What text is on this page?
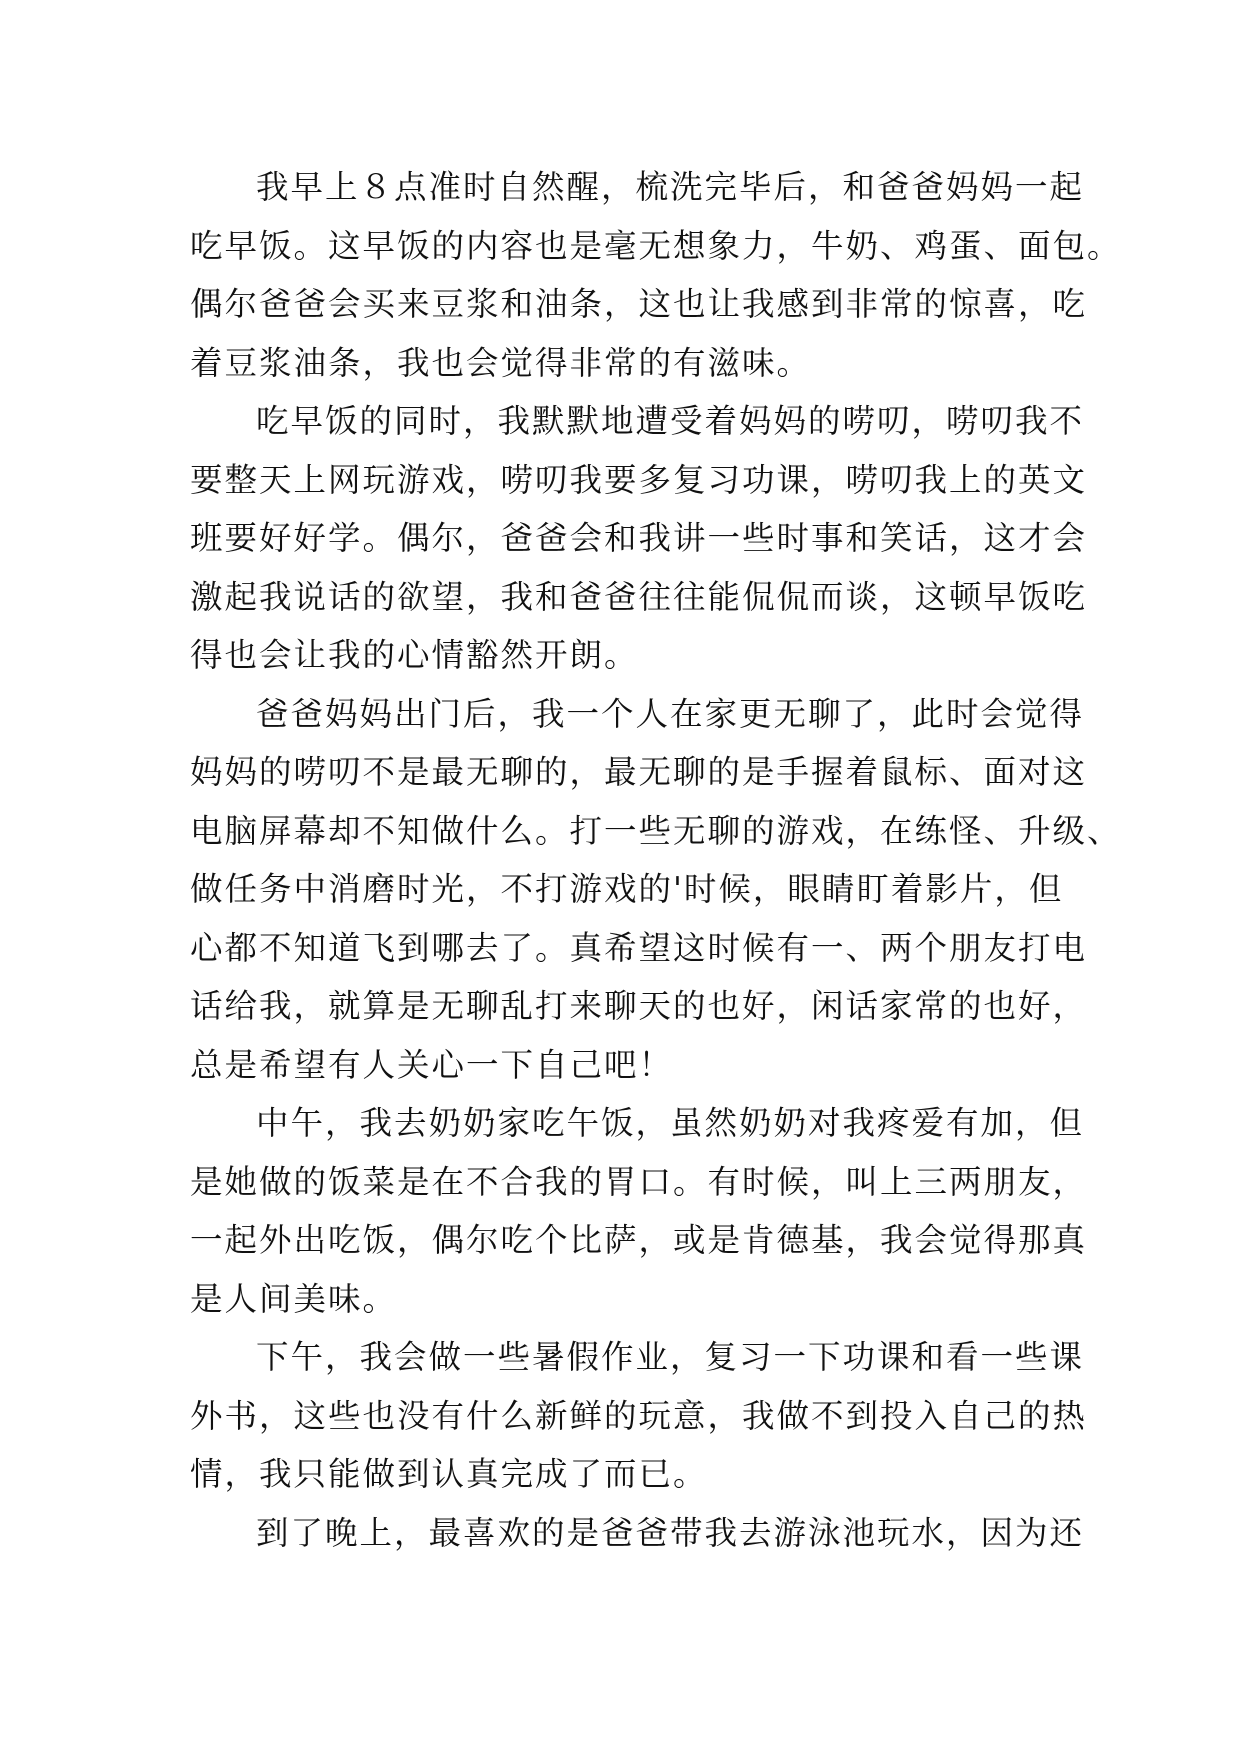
我早上８点准时自然醒，梳洗完毕后，和爸爸妈妈一起
吃早饭。这早饭的内容也是毫无想象力，牛奶、鸡蛋、面包。
偶尔爸爸会买来豆浆和油条，这也让我感到非常的惊喜，吃
着豆浆油条，我也会觉得非常的有滋味。
吃早饭的同时，我默默地遭受着妈妈的唠叨，唠叨我不
要整天上网玩游戏，唠叨我要多复习功课，唠叨我上的英文
班要好好学。偶尔，爸爸会和我讲一些时事和笑话，这才会
激起我说话的欲望，我和爸爸往往能侃侃而谈，这顿早饭吃
得也会让我的心情豁然开朗。
爸爸妈妈出门后，我一个人在家更无聊了，此时会觉得
妈妈的唠叨不是最无聊的，最无聊的是手握着鼠标、面对这
电脑屏幕却不知做什么。打一些无聊的游戏，在练怪、升级、
做任务中消磨时光，不打游戏的'时候，眼睛盯着影片，但
心都不知道飞到哪去了。真希望这时候有一、两个朋友打电
话给我，就算是无聊乱打来聊天的也好，闲话家常的也好，
总是希望有人关心一下自己吧！
中午，我去奶奶家吃午饭，虽然奶奶对我疼爱有加，但
是她做的饭菜是在不合我的胃口。有时候，叫上三两朋友，
一起外出吃饭，偶尔吃个比萨，或是肯德基，我会觉得那真
是人间美味。
下午，我会做一些暑假作业，复习一下功课和看一些课
外书，这些也没有什么新鲜的玩意，我做不到投入自己的热
情，我只能做到认真完成了而已。
到了晚上，最喜欢的是爸爸带我去游泳池玩水，因为还
